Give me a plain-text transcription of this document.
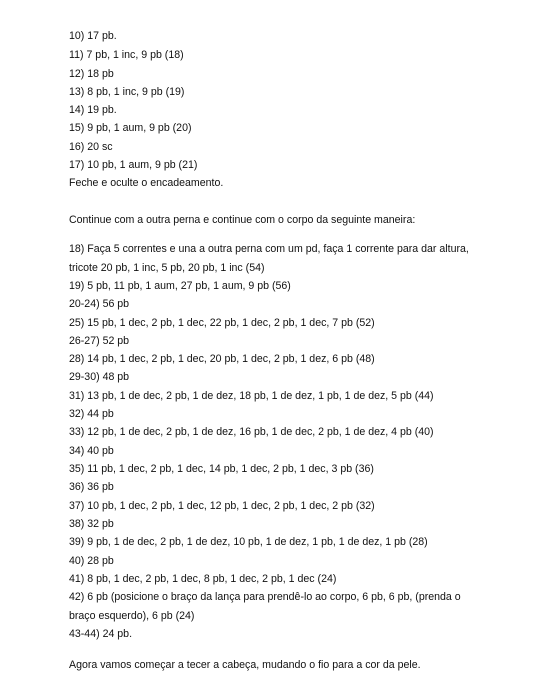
10) 17 pb.
11) 7 pb, 1 inc, 9 pb (18)
12) 18 pb
13) 8 pb, 1 inc, 9 pb (19)
14) 19 pb.
15) 9 pb, 1 aum, 9 pb (20)
16) 20 sc
17) 10 pb, 1 aum, 9 pb (21)
Feche e oculte o encadeamento.
Continue com a outra perna e continue com o corpo da seguinte maneira:
18) Faça 5 correntes e una a outra perna com um pd, faça 1 corrente para dar altura,
tricote 20 pb, 1 inc, 5 pb, 20 pb, 1 inc (54)
19) 5 pb, 11 pb, 1 aum, 27 pb, 1 aum, 9 pb (56)
20-24) 56 pb
25) 15 pb, 1 dec, 2 pb, 1 dec, 22 pb, 1 dec, 2 pb, 1 dec, 7 pb (52)
26-27) 52 pb
28) 14 pb, 1 dec, 2 pb, 1 dec, 20 pb, 1 dec, 2 pb, 1 dez, 6 pb (48)
29-30) 48 pb
31) 13 pb, 1 de dec, 2 pb, 1 de dez, 18 pb, 1 de dez, 1 pb, 1 de dez, 5 pb (44)
32) 44 pb
33) 12 pb, 1 de dec, 2 pb, 1 de dez, 16 pb, 1 de dec, 2 pb, 1 de dez, 4 pb (40)
34) 40 pb
35) 11 pb, 1 dec, 2 pb, 1 dec, 14 pb, 1 dec, 2 pb, 1 dec, 3 pb (36)
36) 36 pb
37) 10 pb, 1 dec, 2 pb, 1 dec, 12 pb, 1 dec, 2 pb, 1 dec, 2 pb (32)
38) 32 pb
39) 9 pb, 1 de dec, 2 pb, 1 de dez, 10 pb, 1 de dez, 1 pb, 1 de dez, 1 pb (28)
40) 28 pb
41) 8 pb, 1 dec, 2 pb, 1 dec, 8 pb, 1 dec, 2 pb, 1 dec (24)
42) 6 pb (posicione o braço da lança para prendê-lo ao corpo, 6 pb, 6 pb, (prenda o
braço esquerdo), 6 pb (24)
43-44) 24 pb.
Agora vamos começar a tecer a cabeça, mudando o fio para a cor da pele.
